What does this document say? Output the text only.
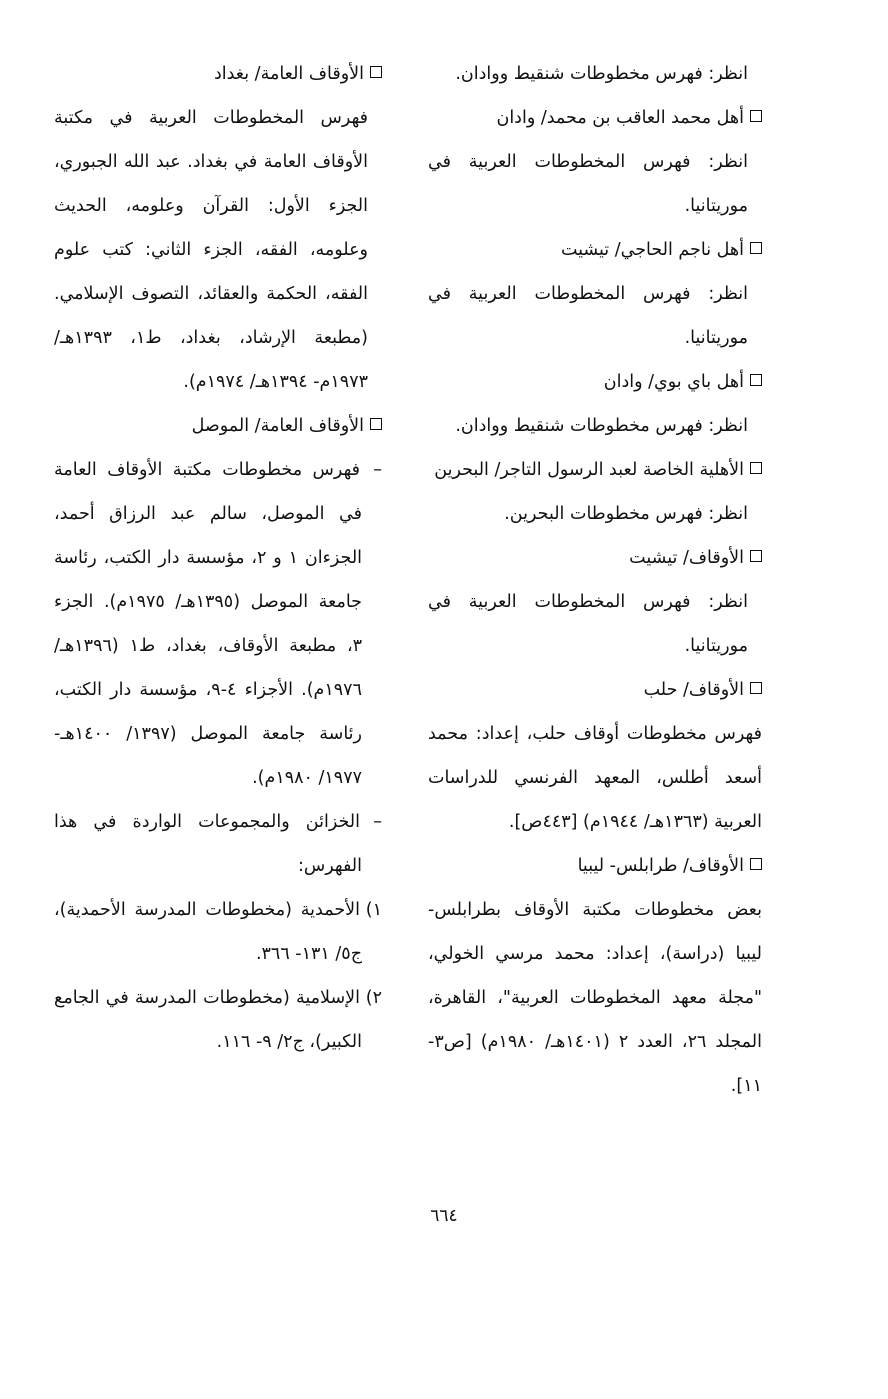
انظر: فهرس مخطوطات شنقيط ووادان.
أهل محمد العاقب بن محمد/ وادان
انظر: فهرس المخطوطات العربية في موريتانيا.
أهل ناجم الحاجي/ تيشيت
انظر: فهرس المخطوطات العربية في موريتانيا.
أهل باي بوي/ وادان
انظر: فهرس مخطوطات شنقيط ووادان.
الأهلية الخاصة لعبد الرسول التاجر/ البحرين
انظر: فهرس مخطوطات البحرين.
الأوقاف/ تيشيت
انظر: فهرس المخطوطات العربية في موريتانيا.
الأوقاف/ حلب
فهرس مخطوطات أوقاف حلب، إعداد: محمد أسعد أطلس، المعهد الفرنسي للدراسات العربية (١٣٦٣هـ/ ١٩٤٤م) [٤٤٣ص].
الأوقاف/ طرابلس- ليبيا
بعض مخطوطات مكتبة الأوقاف بطرابلس- ليبيا (دراسة)، إعداد: محمد مرسي الخولي، "مجلة معهد المخطوطات العربية"، القاهرة، المجلد ٢٦، العدد ٢ (١٤٠١هـ/ ١٩٨٠م) [ص٣- ١١].
الأوقاف العامة/ بغداد
فهرس المخطوطات العربية في مكتبة الأوقاف العامة في بغداد. عبد الله الجبوري، الجزء الأول: القرآن وعلومه، الحديث وعلومه، الفقه، الجزء الثاني: كتب علوم الفقه، الحكمة والعقائد، التصوف الإسلامي. (مطبعة الإرشاد، بغداد، ط١، ١٣٩٣هـ/ ١٩٧٣م- ١٣٩٤هـ/ ١٩٧٤م).
الأوقاف العامة/ الموصل
–فهرس مخطوطات مكتبة الأوقاف العامة في الموصل، سالم عبد الرزاق أحمد، الجزءان ١ و ٢، مؤسسة دار الكتب، رئاسة جامعة الموصل (١٣٩٥هـ/ ١٩٧٥م). الجزء ٣، مطبعة الأوقاف، بغداد، ط١ (١٣٩٦هـ/ ١٩٧٦م). الأجزاء ٤-٩، مؤسسة دار الكتب، رئاسة جامعة الموصل (١٣٩٧/ ١٤٠٠هـ- ١٩٧٧/ ١٩٨٠م).
–الخزائن والمجموعات الواردة في هذا الفهرس:
١)الأحمدية (مخطوطات المدرسة الأحمدية)، ج٥/ ١٣١- ٣٦٦.
٢)الإسلامية (مخطوطات المدرسة في الجامع الكبير)، ج٢/ ٩- ١١٦.
٦٦٤
